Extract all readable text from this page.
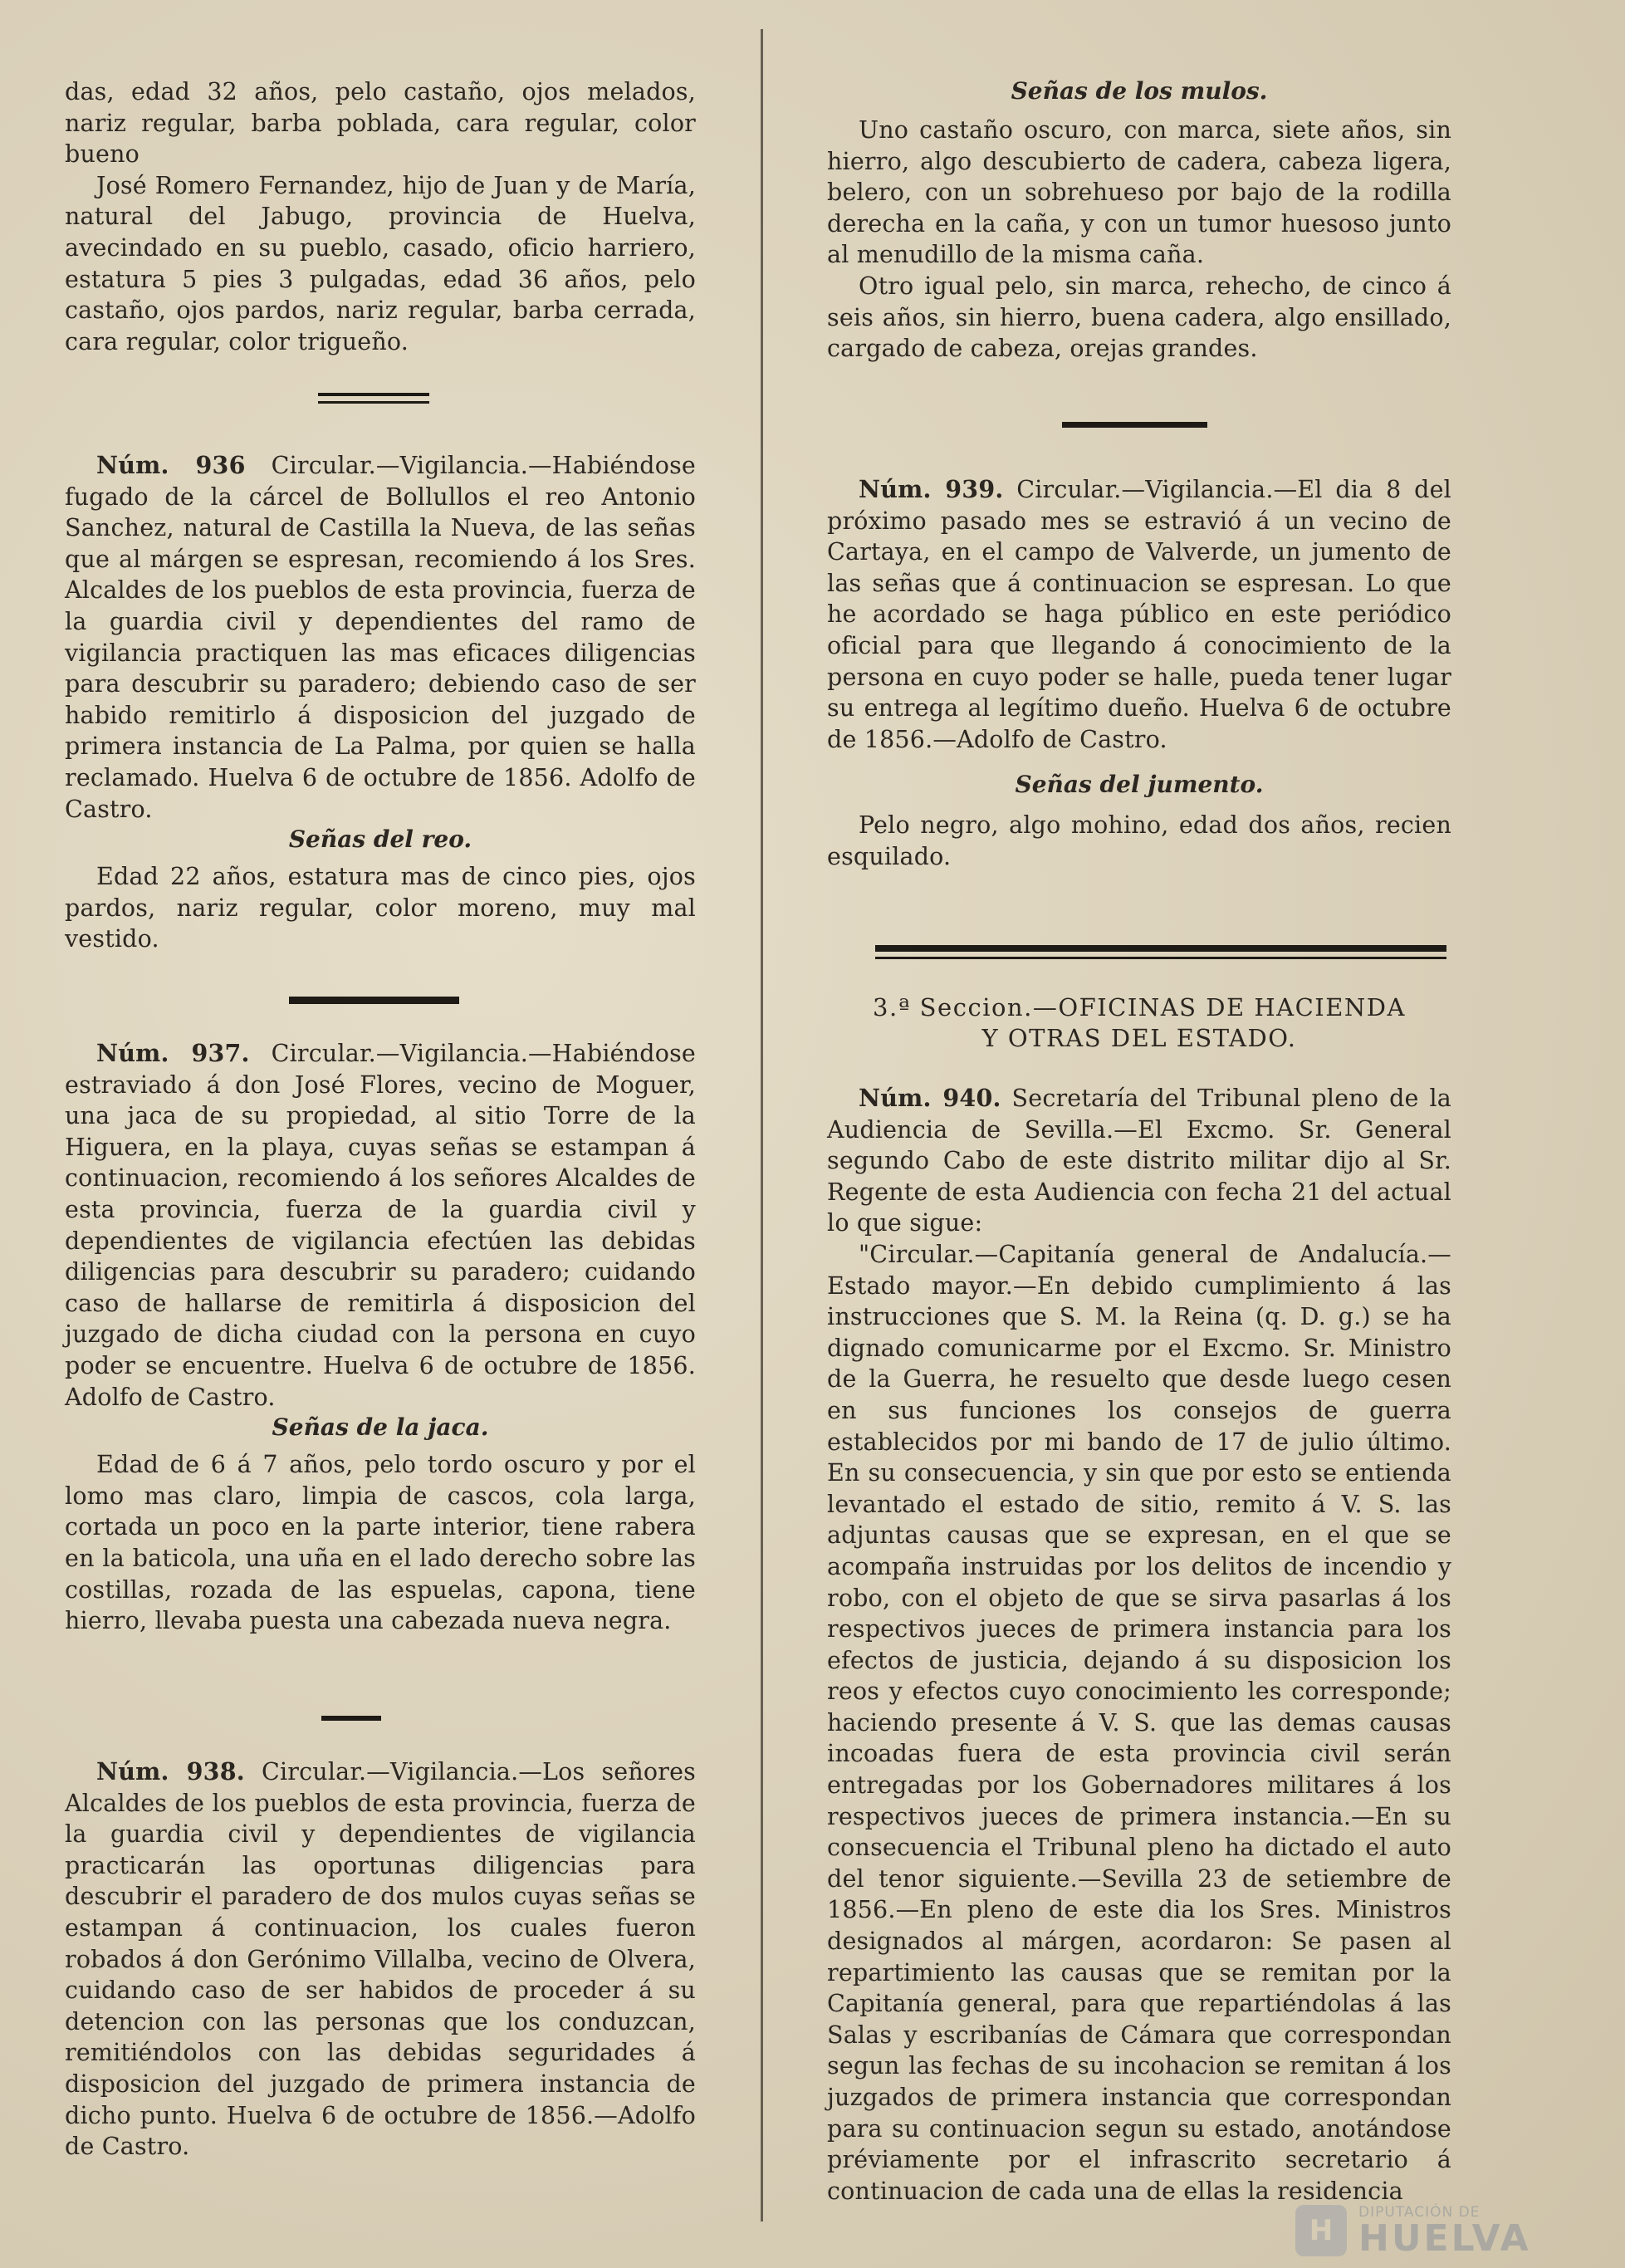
das, edad 32 años, pelo castaño, ojos melados, nariz regular, barba poblada, cara regular, color bueno

José Romero Fernandez, hijo de Juan y de María, natural del Jabugo, provincia de Huelva, avecindado en su pueblo, casado, oficio harriero, estatura 5 pies 3 pulgadas, edad 36 años, pelo castaño, ojos pardos, nariz regular, barba cerrada, cara regular, color trigueño.

Núm. 936 Circular.—Vigilancia.—Habiéndose fugado de la cárcel de Bollullos el reo Antonio Sanchez, natural de Castilla la Nueva, de las señas que al márgen se espresan, recomiendo á los Sres. Alcaldes de los pueblos de esta provincia, fuerza de la guardia civil y dependientes del ramo de vigilancia practiquen las mas eficaces diligencias para descubrir su paradero; debiendo caso de ser habido remitirlo á disposicion del juzgado de primera instancia de La Palma, por quien se halla reclamado. Huelva 6 de octubre de 1856. Adolfo de Castro.

Señas del reo.

Edad 22 años, estatura mas de cinco pies, ojos pardos, nariz regular, color moreno, muy mal vestido.

Núm. 937. Circular.—Vigilancia.—Habiéndose estraviado á don José Flores, vecino de Moguer, una jaca de su propiedad, al sitio Torre de la Higuera, en la playa, cuyas señas se estampan á continuacion, recomiendo á los señores Alcaldes de esta provincia, fuerza de la guardia civil y dependientes de vigilancia efectúen las debidas diligencias para descubrir su paradero; cuidando caso de hallarse de remitirla á disposicion del juzgado de dicha ciudad con la persona en cuyo poder se encuentre. Huelva 6 de octubre de 1856. Adolfo de Castro.

Señas de la jaca.

Edad de 6 á 7 años, pelo tordo oscuro y por el lomo mas claro, limpia de cascos, cola larga, cortada un poco en la parte interior, tiene rabera en la baticola, una uña en el lado derecho sobre las costillas, rozada de las espuelas, capona, tiene hierro, llevaba puesta una cabezada nueva negra.

Núm. 938. Circular.—Vigilancia.—Los señores Alcaldes de los pueblos de esta provincia, fuerza de la guardia civil y dependientes de vigilancia practicarán las oportunas diligencias para descubrir el paradero de dos mulos cuyas señas se estampan á continuacion, los cuales fueron robados á don Gerónimo Villalba, vecino de Olvera, cuidando caso de ser habidos de proceder á su detencion con las personas que los conduzcan, remitiéndolos con las debidas seguridades á disposicion del juzgado de primera instancia de dicho punto. Huelva 6 de octubre de 1856.—Adolfo de Castro.

Señas de los mulos.

Uno castaño oscuro, con marca, siete años, sin hierro, algo descubierto de cadera, cabeza ligera, belero, con un sobrehueso por bajo de la rodilla derecha en la caña, y con un tumor huesoso junto al menudillo de la misma caña.

Otro igual pelo, sin marca, rehecho, de cinco á seis años, sin hierro, buena cadera, algo ensillado, cargado de cabeza, orejas grandes.

Núm. 939. Circular.—Vigilancia.—El dia 8 del próximo pasado mes se estravió á un vecino de Cartaya, en el campo de Valverde, un jumento de las señas que á continuacion se espresan. Lo que he acordado se haga público en este periódico oficial para que llegando á conocimiento de la persona en cuyo poder se halle, pueda tener lugar su entrega al legítimo dueño. Huelva 6 de octubre de 1856.—Adolfo de Castro.

Señas del jumento.

Pelo negro, algo mohino, edad dos años, recien esquilado.

3.ª Seccion.—OFICINAS DE HACIENDA
Y OTRAS DEL ESTADO.

Núm. 940. Secretaría del Tribunal pleno de la Audiencia de Sevilla.—El Excmo. Sr. General segundo Cabo de este distrito militar dijo al Sr. Regente de esta Audiencia con fecha 21 del actual lo que sigue:

"Circular.—Capitanía general de Andalucía.—Estado mayor.—En debido cumplimiento á las instrucciones que S. M. la Reina (q. D. g.) se ha dignado comunicarme por el Excmo. Sr. Ministro de la Guerra, he resuelto que desde luego cesen en sus funciones los consejos de guerra establecidos por mi bando de 17 de julio último. En su consecuencia, y sin que por esto se entienda levantado el estado de sitio, remito á V. S. las adjuntas causas que se expresan, en el que se acompaña instruidas por los delitos de incendio y robo, con el objeto de que se sirva pasarlas á los respectivos jueces de primera instancia para los efectos de justicia, dejando á su disposicion los reos y efectos cuyo conocimiento les corresponde; haciendo presente á V. S. que las demas causas incoadas fuera de esta provincia civil serán entregadas por los Gobernadores militares á los respectivos jueces de primera instancia.—En su consecuencia el Tribunal pleno ha dictado el auto del tenor siguiente.—Sevilla 23 de setiembre de 1856.—En pleno de este dia los Sres. Ministros designados al márgen, acordaron: Se pasen al repartimiento las causas que se remitan por la Capitanía general, para que repartiéndolas á las Salas y escribanías de Cámara que correspondan segun las fechas de su incohacion se remitan á los juzgados de primera instancia que correspondan para su continuacion segun su estado, anotándose préviamente por el infrascrito secretario á continuacion de cada una de ellas la residencia

H
DIPUTACIÓN DE
HUELVA
